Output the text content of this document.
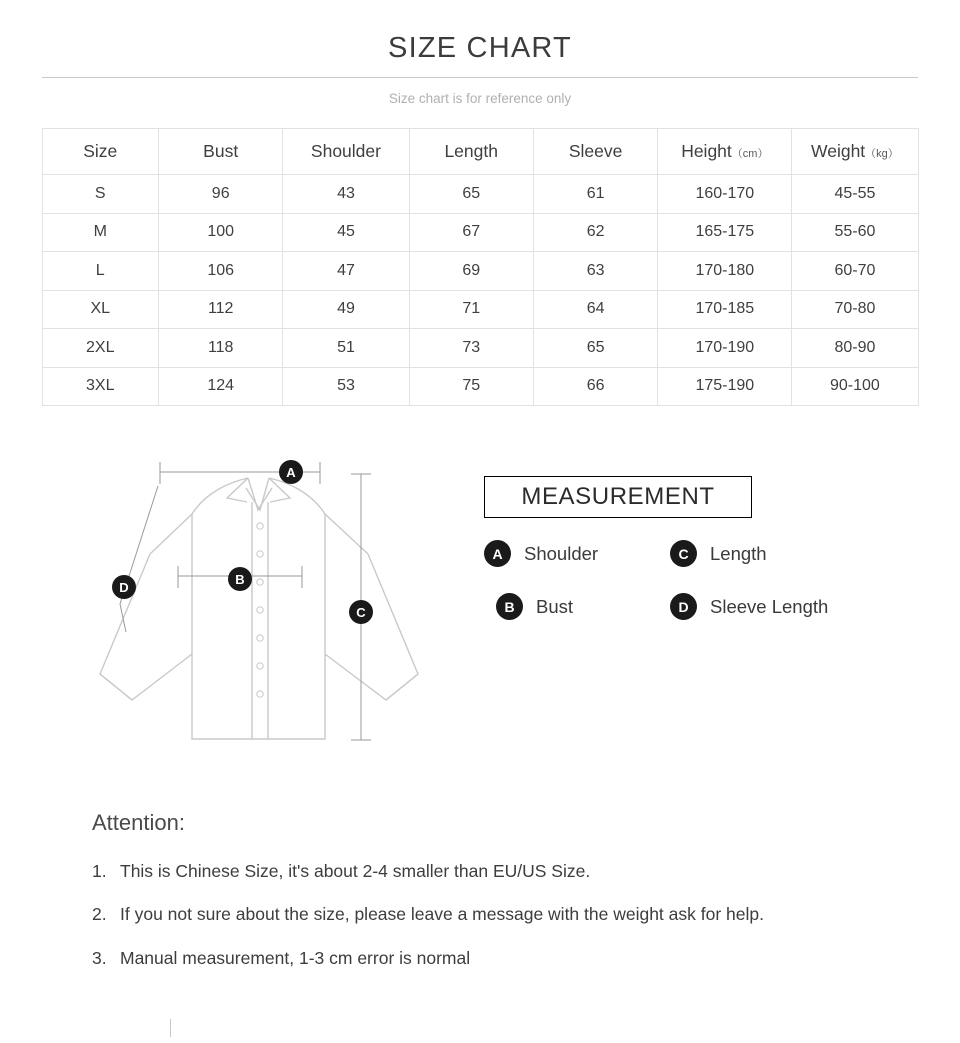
SIZE CHART
Size chart is for reference only
Size	Bust	Shoulder	Length	Sleeve	Height（cm）	Weight（kg）
S	96	43	65	61	160-170	45-55
M	100	45	67	62	165-175	55-60
L	106	47	69	63	170-180	60-70
XL	112	49	71	64	170-185	70-80
2XL	118	51	73	65	170-190	80-90
3XL	124	53	75	66	175-190	90-100
A
B
C
D
MEASUREMENT
A	Shoulder	C	Length
B	Bust	D	Sleeve Length
Attention:
1. This is Chinese Size, it's about 2-4 smaller than EU/US Size.
2. If you not sure about the size, please leave a message with the weight ask for help.
3. Manual measurement, 1-3 cm error is normal
